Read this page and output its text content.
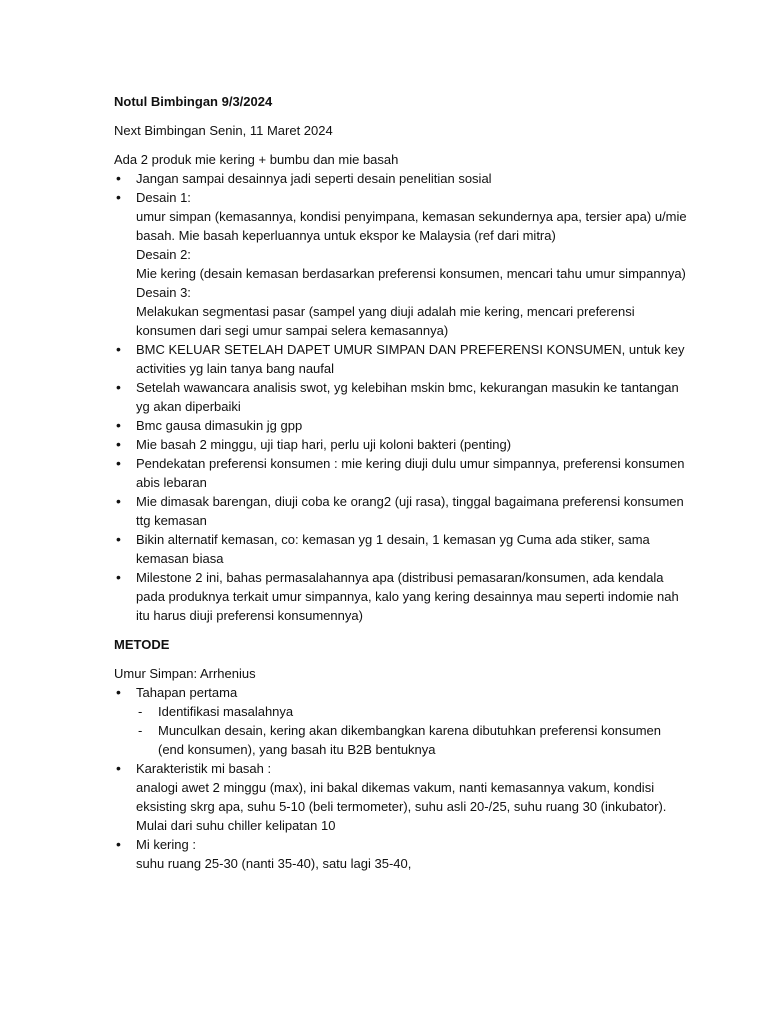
Notul Bimbingan 9/3/2024

Next Bimbingan Senin, 11 Maret 2024

Ada 2 produk mie kering + bumbu dan mie basah

• Jangan sampai desainnya jadi seperti desain penelitian sosial
• Desain 1:
umur simpan (kemasannya, kondisi penyimpana, kemasan sekundernya apa, tersier apa) u/mie basah. Mie basah keperluannya untuk ekspor ke Malaysia (ref dari mitra)
Desain 2:
Mie kering (desain kemasan berdasarkan preferensi konsumen, mencari tahu umur simpannya)
Desain 3:
Melakukan segmentasi pasar (sampel yang diuji adalah mie kering, mencari preferensi konsumen dari segi umur sampai selera kemasannya)
• BMC KELUAR SETELAH DAPET UMUR SIMPAN DAN PREFERENSI KONSUMEN, untuk key activities yg lain tanya bang naufal
• Setelah wawancara analisis swot, yg kelebihan mskin bmc, kekurangan masukin ke tantangan yg akan diperbaiki
• Bmc gausa dimasukin jg gpp
• Mie basah 2 minggu, uji tiap hari, perlu uji koloni bakteri (penting)
• Pendekatan preferensi konsumen : mie kering diuji dulu umur simpannya, preferensi konsumen abis lebaran
• Mie dimasak barengan, diuji coba ke orang2 (uji rasa), tinggal bagaimana preferensi konsumen ttg kemasan
• Bikin alternatif kemasan, co: kemasan yg 1 desain, 1 kemasan yg Cuma ada stiker, sama kemasan biasa
• Milestone 2 ini, bahas permasalahannya apa (distribusi pemasaran/konsumen, ada kendala pada produknya terkait umur simpannya, kalo yang kering desainnya mau seperti indomie nah itu harus diuji preferensi konsumennya)

METODE

Umur Simpan: Arrhenius

• Tahapan pertama
- Identifikasi masalahnya
- Munculkan desain, kering akan dikembangkan karena dibutuhkan preferensi konsumen (end konsumen), yang basah itu B2B bentuknya
• Karakteristik mi basah :
analogi awet 2 minggu (max), ini bakal dikemas vakum, nanti kemasannya vakum, kondisi eksisting skrg apa, suhu 5-10 (beli termometer), suhu asli 20-/25, suhu ruang 30 (inkubator). Mulai dari suhu chiller kelipatan 10
• Mi kering :
suhu ruang 25-30 (nanti 35-40), satu lagi 35-40,
